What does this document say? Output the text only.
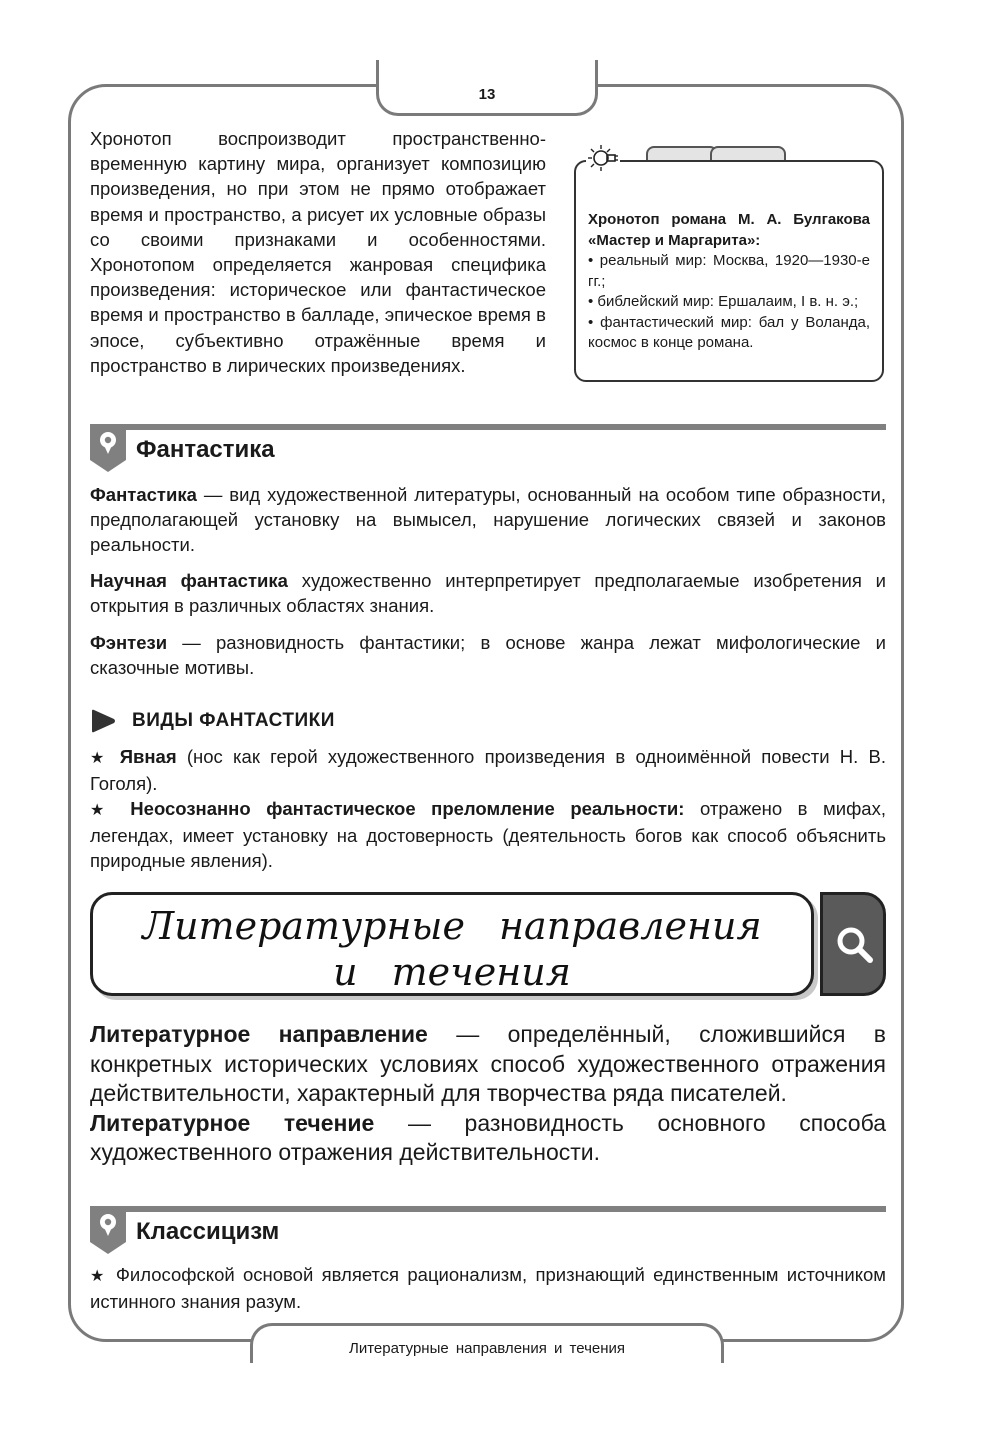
13
Хронотоп романа М. А. Булгакова «Мастер и Маргарита»:
• реальный мир: Москва, 1920—1930-е гг.;
• библейский мир: Ершалаим, I в. н. э.;
• фантастический мир: бал у Воланда, космос в конце романа.

Хронотоп воспроизводит пространственно-временную картину мира, организует композицию произведения, но при этом не прямо отображает время и пространство, а рисует их условные образы со своими признаками и особенностями. Хронотопом определяется жанровая специфика произведения: историческое или фантастическое время и пространство в балладе, эпическое время в эпосе, субъективно отражённые время и пространство в лирических произведениях.

Фантастика

Фантастика — вид художественной литературы, основанный на особом типе образности, предполагающей установку на вымысел, нарушение логических связей и законов реальности.

Научная фантастика художественно интерпретирует предполагаемые изобретения и открытия в различных областях знания.

Фэнтези — разновидность фантастики; в основе жанра лежат мифологические и сказочные мотивы.

ВИДЫ ФАНТАСТИКИ

★ Явная (нос как герой художественного произведения в одноимённой повести Н. В. Гоголя).

★ Неосознанно фантастическое преломление реальности: отражено в мифах, легендах, имеет установку на достоверность (деятельность богов как способ объяснить природные явления).

Литературные направления
и течения

Литературное направление — определённый, сложившийся в конкретных исторических условиях способ художественного отражения действительности, характерный для творчества ряда писателей.

Литературное течение — разновидность основного способа художественного отражения действительности.

Классицизм

★ Философской основой является рационализм, признающий единственным источником истинного знания разум.

Литературные направления и течения
